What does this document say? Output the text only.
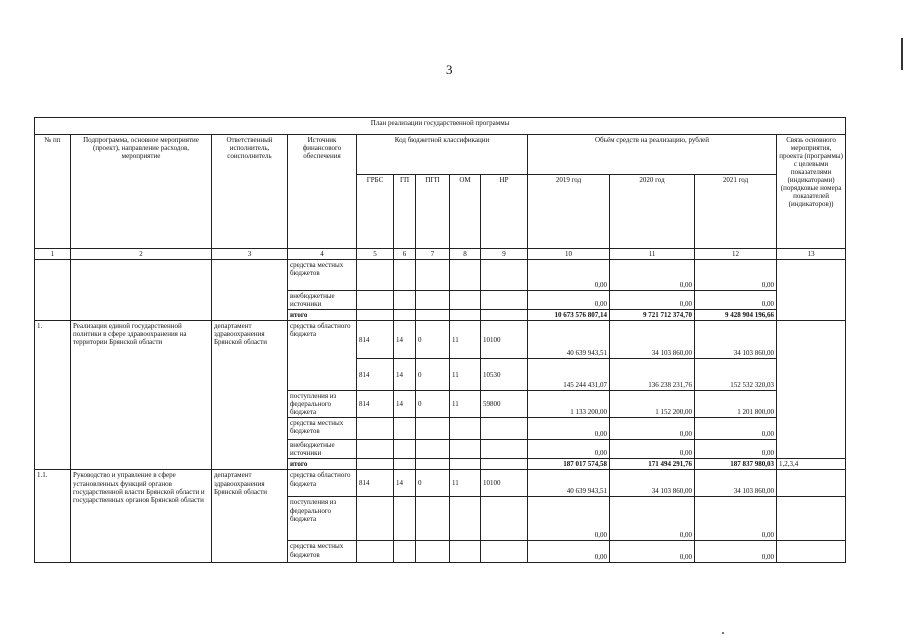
3
План реализации государственной программы												
№ пп	Подпрограмма, основное мероприятие (проект), направление расходов, мероприятие	Ответственный исполнитель, соисполнитель	Источник финансового обеспечения	Код бюджетной классификации					Объём средств на реализацию, рублей			Связь основного мероприятия, проекта (программы) с целевыми показателями (индикаторами) (порядковые номера показателей (индикаторов))
				ГРБС	ГП	ПГП	ОМ	НР	2019 год	2020 год	2021 год	
1	2	3	4	5	6	7	8	9	10	11	12	13
			средства местных бюджетов						0,00	0,00	0,00	
			внебюджетные источники						0,00	0,00	0,00	
			итого						10 673 576 807,14	9 721 712 374,70	9 428 904 196,66	
1.	Реализация единой государственной политики в сфере здравоохранения на территории Брянской области	департамент здравоохранения Брянской области	средства областного бюджета	814	14	0	11	10100	40 639 943,51	34 103 860,00	34 103 860,00	
				814	14	0	11	10530	145 244 431,07	136 238 231,76	152 532 320,03	
			поступления из федерального бюджета	814	14	0	11	59800	1 133 200,00	1 152 200,00	1 201 800,00	
			средства местных бюджетов						0,00	0,00	0,00	
			внебюджетные источники						0,00	0,00	0,00	
			итого						187 017 574,58	171 494 291,76	187 837 980,03	1,2,3,4
1.1.	Руководство и управление в сфере установленных функций органов государственной власти Брянской области и государственных органов Брянской области	департамент здравоохранения Брянской области	средства областного бюджета	814	14	0	11	10100	40 639 943,51	34 103 860,00	34 103 860,00	
			поступления из федерального бюджета						0,00	0,00	0,00	
			средства местных бюджетов						0,00	0,00	0,00	
